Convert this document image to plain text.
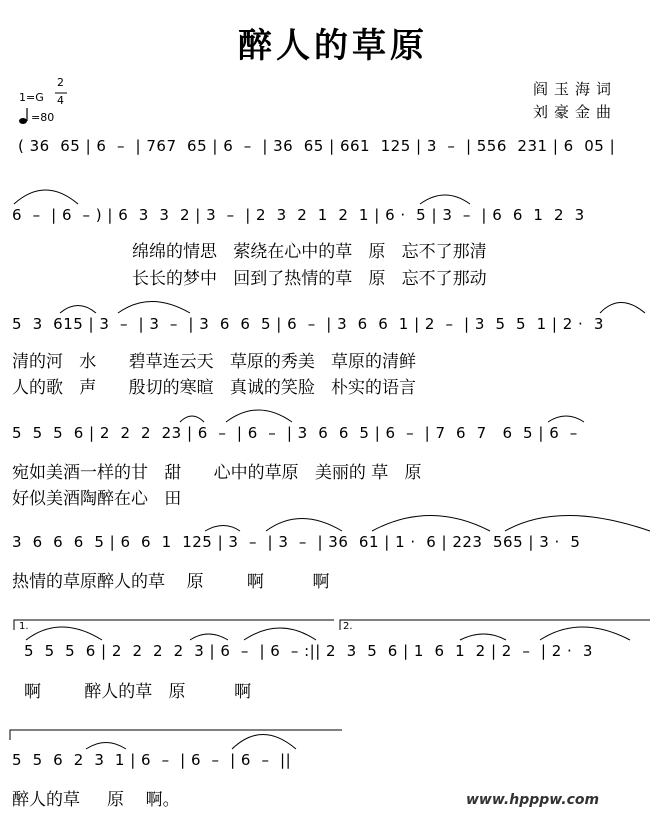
醉人的草原
阎玉海词
刘豪金曲
1=G
2
4
=80
( 36  65 | 6  –  | 767  65 | 6  –  | 36  65 | 661  125 | 3  –  | 556  231 | 6  05 |
6  –  | 6  – ) | 6  3  3  2 | 3  –  | 2  3  2  1  2  1 | 6 ·  5 | 3  –  | 6  6  1  2  3
绵绵的情思   萦绕在心中的草   原   忘不了那清
长长的梦中   回到了热情的草   原   忘不了那动
5  3  615 | 3  –  | 3  –  | 3  6  6  5 | 6  –  | 3  6  6  1 | 2  –  | 3  5  5  1 | 2 ·  3
清的河   水      碧草连云天   草原的秀美   草原的清鲜
人的歌   声      殷切的寒暄   真诚的笑脸   朴实的语言
5  5  5  6 | 2  2  2  23 | 6  –  | 6  –  | 3  6  6  5 | 6  –  | 7  6  7   6  5 | 6  –
宛如美酒一样的甘   甜      心中的草原   美丽的 草   原
好似美酒陶醉在心   田
3  6  6  6  5 | 6  6  1  125 | 3  –  | 3  –  | 36  61 | 1 ·  6 | 223  565 | 3 ·  5
热情的草原醉人的草    原        啊         啊
1.	2.
5  5  5  6 | 2  2  2  2  3 | 6  –  | 6  – :|| 2  3  5  6 | 1  6  1  2 | 2  –  | 2 ·  3
啊        醉人的草   原         啊
5  5  6  2  3  1 | 6  –  | 6  –  | 6  –  ||
醉人的草     原    啊。	www.hpppw.com
